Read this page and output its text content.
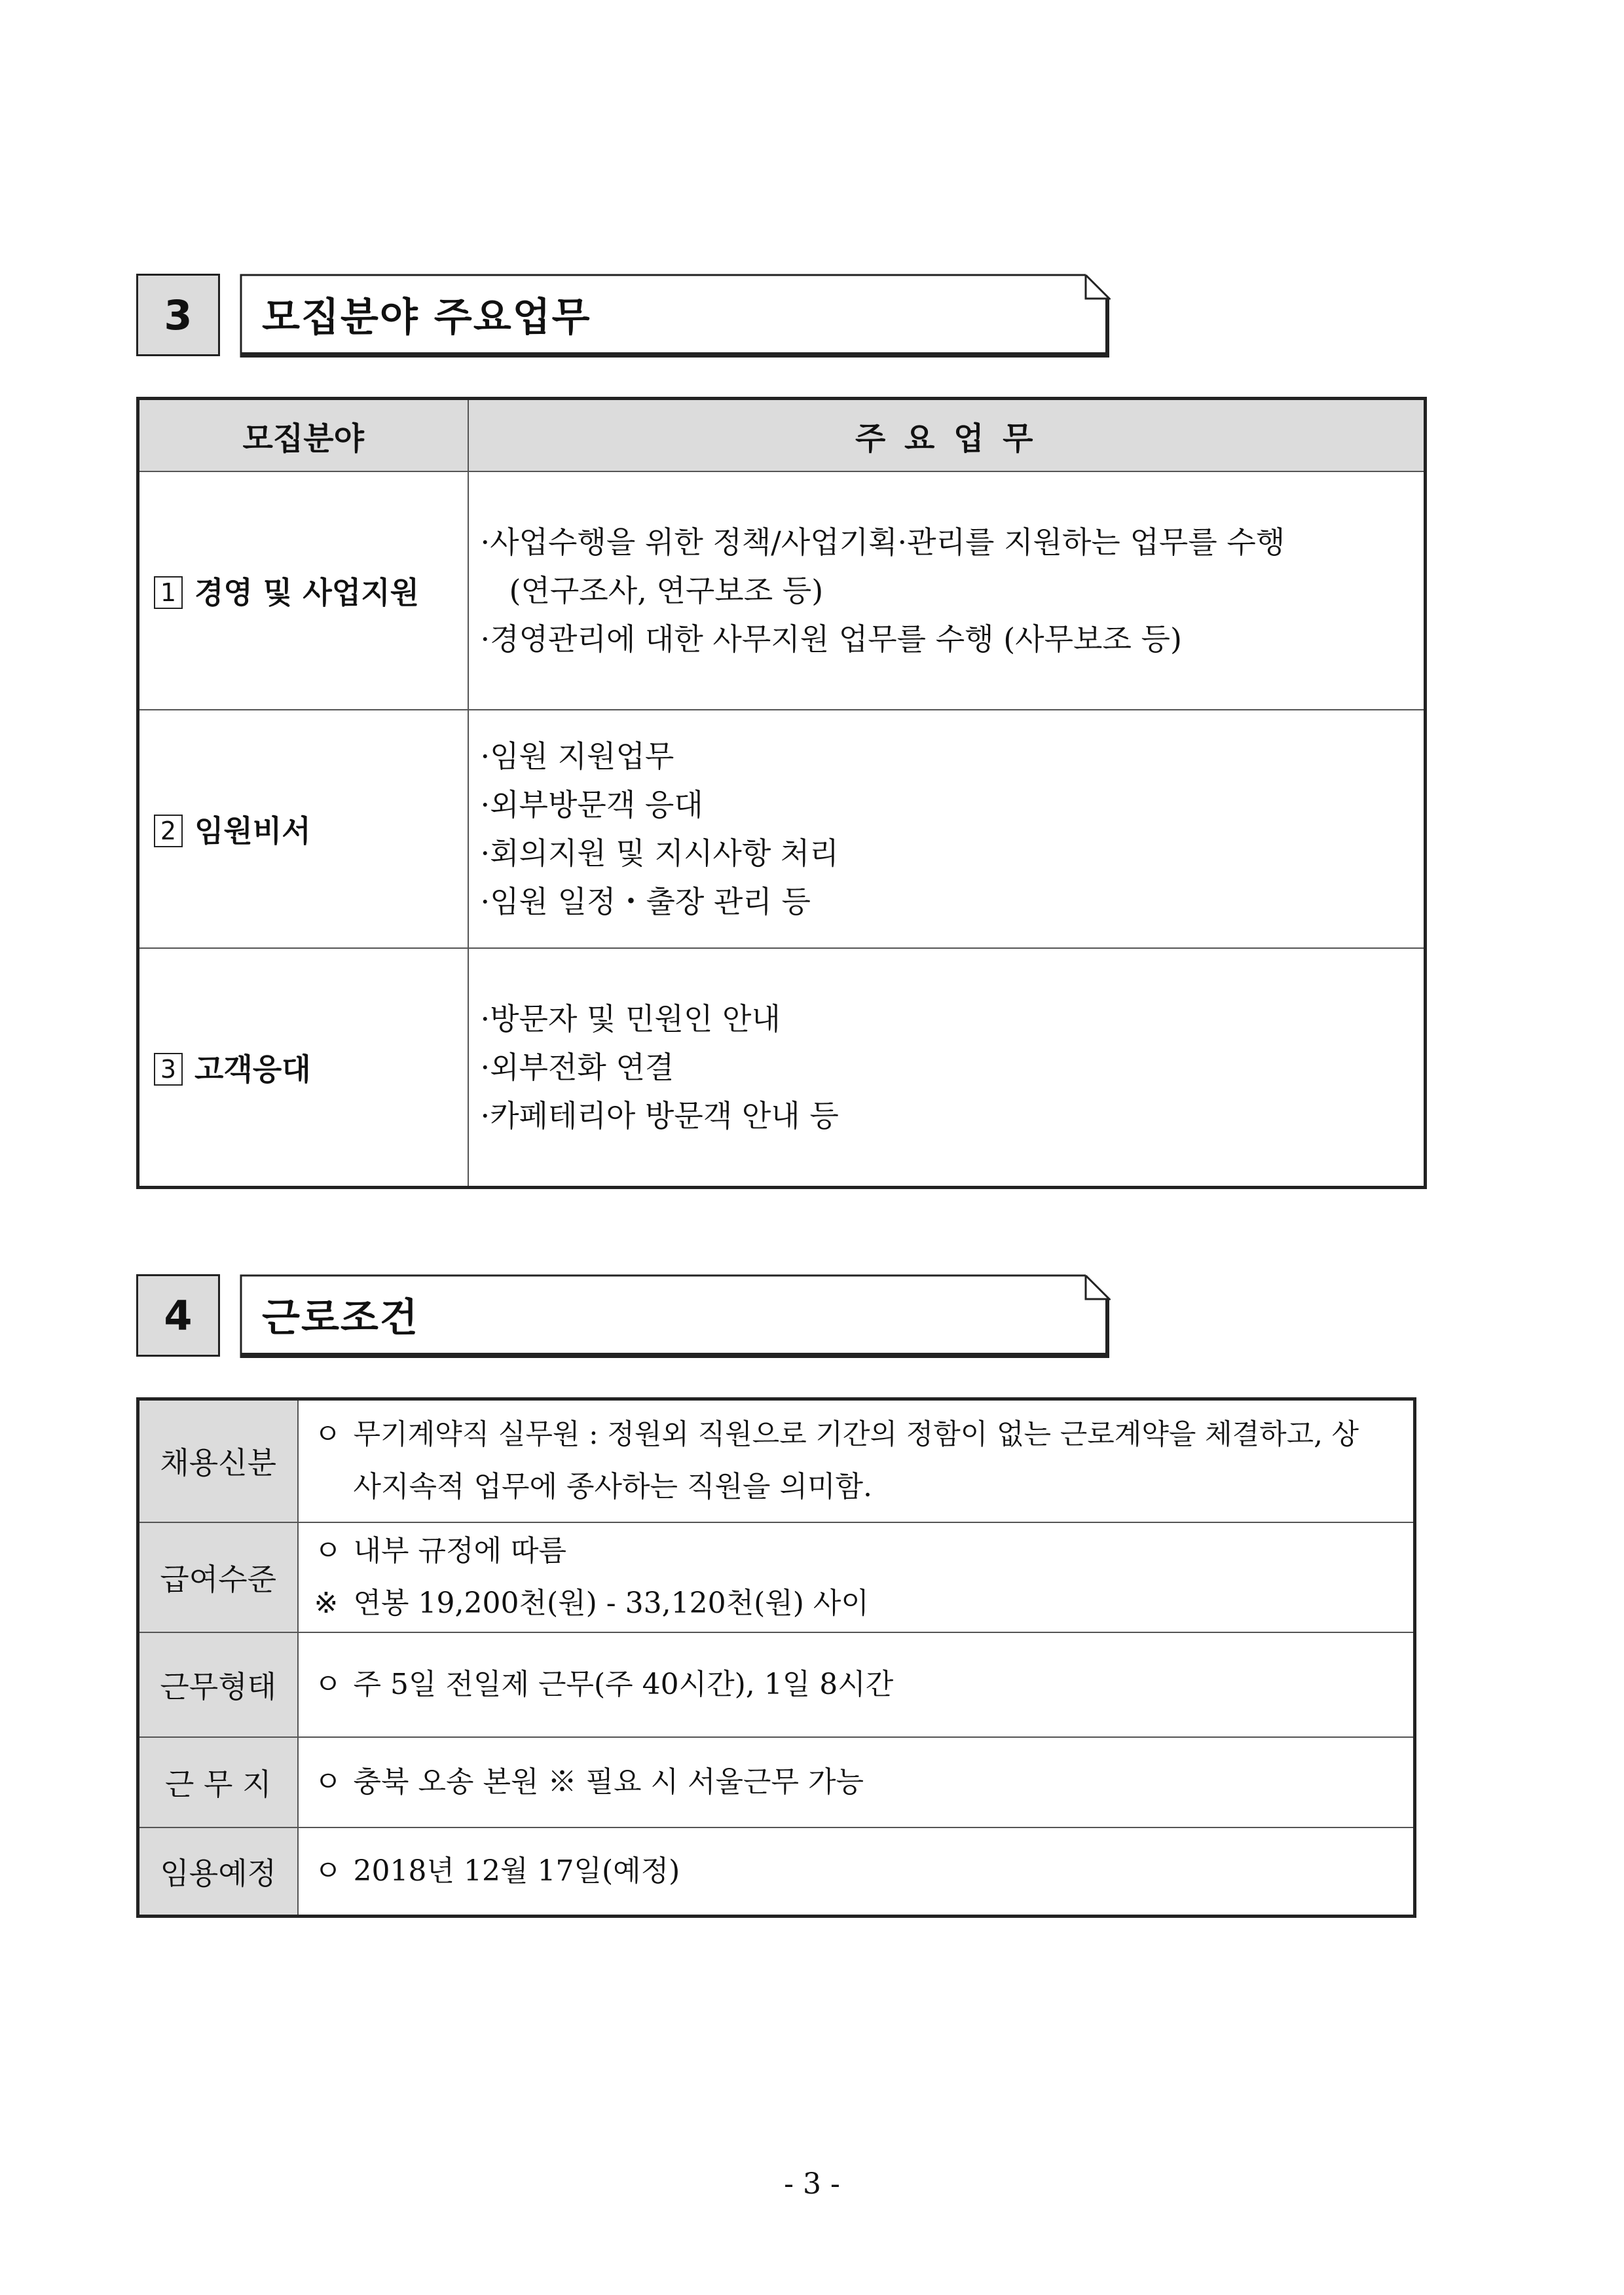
3	모집분야 주요업무
모집분야	주 요 업 무
1 경영 및 사업지원	·사업수행을 위한 정책/사업기획·관리를 지원하는 업무를 수행
(연구조사, 연구보조 등)
·경영관리에 대한 사무지원 업무를 수행 (사무보조 등)

2 임원비서	·임원 지원업무
·외부방문객 응대
·회의지원 및 지시사항 처리
·임원 일정・출장 관리 등

3 고객응대	·방문자 및 민원인 안내
·외부전화 연결
·카페테리아 방문객 안내 등
4	근로조건
채용신분	ㅇ 무기계약직 실무원 : 정원외 직원으로 기간의 정함이 없는 근로계약을 체결하고, 상
사지속적 업무에 종사하는 직원을 의미함.

급여수준	ㅇ 내부 규정에 따름
※ 연봉 19,200천(원) - 33,120천(원) 사이

근무형태	ㅇ 주 5일 전일제 근무(주 40시간), 1일 8시간

근 무 지	ㅇ 충북 오송 본원 ※ 필요 시 서울근무 가능

임용예정	ㅇ 2018년 12월 17일(예정)
- 3 -
